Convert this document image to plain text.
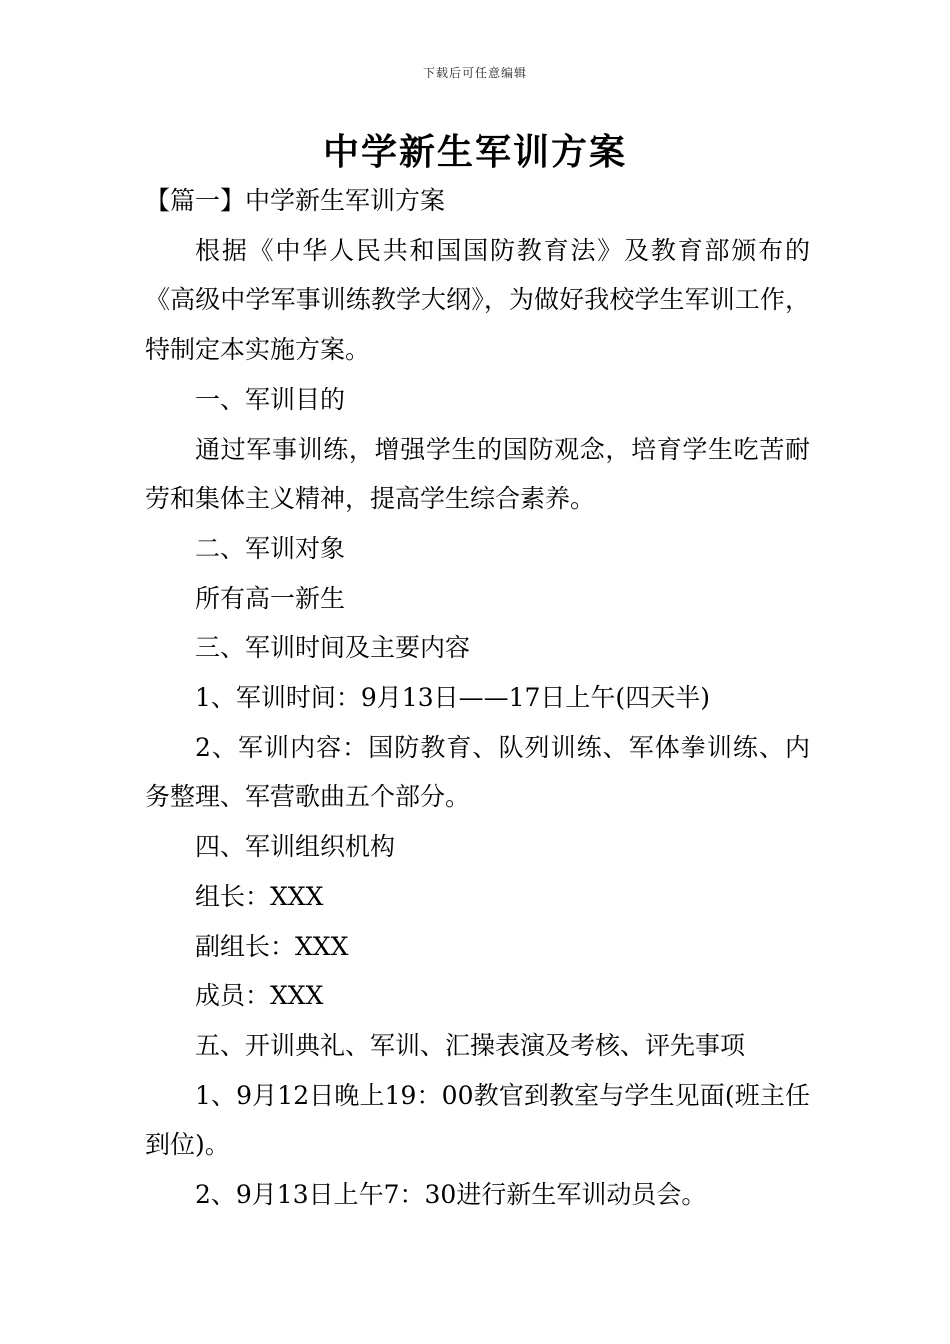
下载后可任意编辑
中学新生军训方案

【篇一】中学新生军训方案

根据《中华人民共和国国防教育法》及教育部颁布的《高级中学军事训练教学大纲》，为做好我校学生军训工作，特制定本实施方案。

一、军训目的

通过军事训练，增强学生的国防观念，培育学生吃苦耐劳和集体主义精神，提高学生综合素养。

二、军训对象

所有高一新生

三、军训时间及主要内容

1、军训时间：9月13日——17日上午(四天半)

2、军训内容：国防教育、队列训练、军体拳训练、内务整理、军营歌曲五个部分。

四、军训组织机构

组长：XXX

副组长：XXX

成员：XXX

五、开训典礼、军训、汇操表演及考核、评先事项

1、9月12日晚上19：00教官到教室与学生见面(班主任到位)。

2、9月13日上午7：30进行新生军训动员会。
